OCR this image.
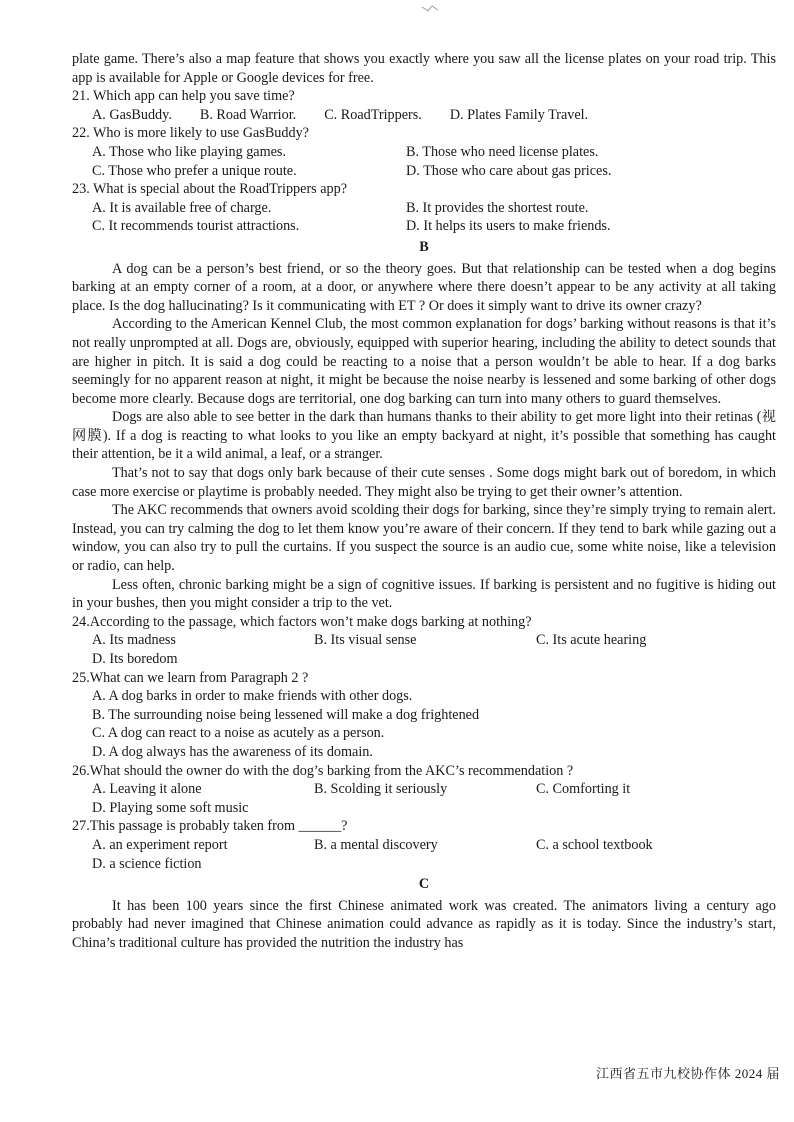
plate game. There’s also a map feature that shows you exactly where you saw all the license plates on your road trip. This app is available for Apple or Google devices for free.

21. Which app can help you save time?

A. GasBuddy. B. Road Warrior. C. RoadTrippers. D. Plates Family Travel.

22. Who is more likely to use GasBuddy?

A. Those who like playing games.	B. Those who need license plates.
C. Those who prefer a unique route.	D. Those who care about gas prices.

23. What is special about the RoadTrippers app?

A. It is available free of charge.	B. It provides the shortest route.
C. It recommends tourist attractions.	D. It helps its users to make friends.
B

A dog can be a person’s best friend, or so the theory goes. But that relationship can be tested when a dog begins barking at an empty corner of a room, at a door, or anywhere where there doesn’t appear to be any activity at all taking place. Is the dog hallucinating? Is it communicating with ET ? Or does it simply want to drive its owner crazy?

According to the American Kennel Club, the most common explanation for dogs’ barking without reasons is that it’s not really unprompted at all. Dogs are, obviously, equipped with superior hearing, including the ability to detect sounds that are higher in pitch. It is said a dog could be reacting to a noise that a person wouldn’t be able to hear. If a dog barks seemingly for no apparent reason at night, it might be because the noise nearby is lessened and some barking of other dogs become more clearly. Because dogs are territorial, one dog barking can turn into many others to guard themselves.

Dogs are also able to see better in the dark than humans thanks to their ability to get more light into their retinas (视网膜). If a dog is reacting to what looks to you like an empty backyard at night, it’s possible that something has caught their attention, be it a wild animal, a leaf, or a stranger.

That’s not to say that dogs only bark because of their cute senses . Some dogs might bark out of boredom, in which case more exercise or playtime is probably needed. They might also be trying to get their owner’s attention.

The AKC recommends that owners avoid scolding their dogs for barking, since they’re simply trying to remain alert. Instead, you can try calming the dog to let them know you’re aware of their concern. If they tend to bark while gazing out a window, you can also try to pull the curtains. If you suspect the source is an audio cue, some white noise, like a television or radio, can help.

Less often, chronic barking might be a sign of cognitive issues. If barking is persistent and no fugitive is hiding out in your bushes, then you might consider a trip to the vet.

24.According to the passage, which factors won’t make dogs barking at nothing?

A. Its madness	B. Its visual sense	C. Its acute hearing
D. Its boredom

25.What can we learn from Paragraph 2 ?

A. A dog barks in order to make friends with other dogs.
B. The surrounding noise being lessened will make a dog frightened
C. A dog can react to a noise as acutely as a person.
D. A dog always has the awareness of its domain.

26.What should the owner do with the dog’s barking from the AKC’s recommendation ?

A. Leaving it alone	B. Scolding it seriously	C. Comforting it
D. Playing some soft music

27.This passage is probably taken from ______?

A. an experiment report	B. a mental discovery	C. a school textbook
D. a science fiction
C

It has been 100 years since the first Chinese animated work was created. The animators living a century ago probably had never imagined that Chinese animation could advance as rapidly as it is today. Since the industry’s start, China’s traditional culture has provided the nutrition the industry has

江西省五市九校协作体 2024 届
